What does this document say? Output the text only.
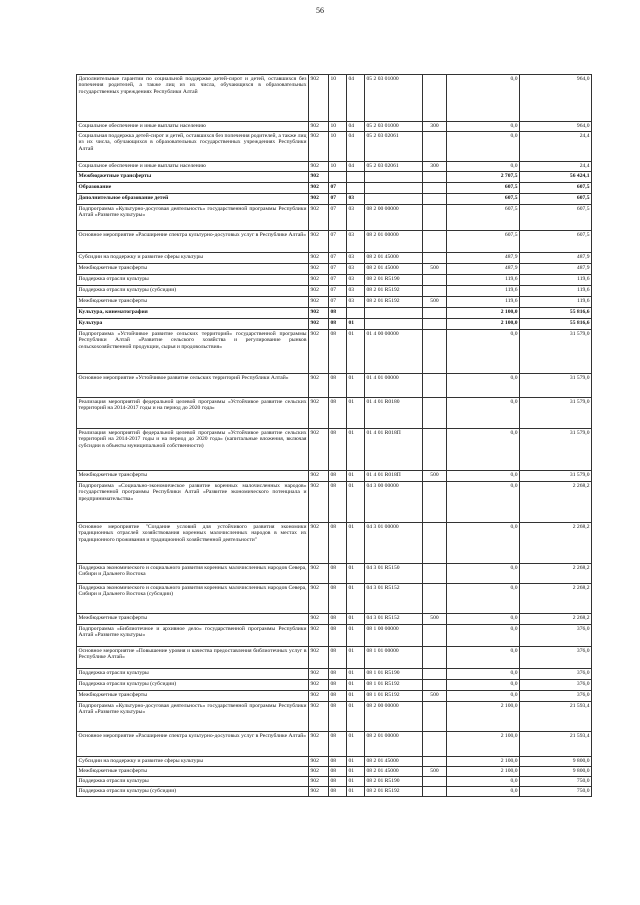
56
Дополнительные гарантии по социальной поддержке детей-сирот и детей, оставшихся без попечения родителей, а также лиц из их числа, обучающихся в образовательных государственных учреждениях Республики Алтай	902	10	04	05 2 03 01000		0,0	964,0
Социальное обеспечение и иные выплаты населению	902	10	04	05 2 03 01000	300	0,0	964,0
Социальная поддержка детей-сирот и детей, оставшихся без попечения родителей, а также лиц из их числа, обучающихся в образовательных государственных учреждениях Республики Алтай	902	10	04	05 2 03 02061		0,0	24,4
Социальное обеспечение и иные выплаты населению	902	10	04	05 2 03 02061	300	0,0	24,4
Межбюджетные трансферты	902					2 707,5	56 424,1
Образование	902	07				607,5	607,5
Дополнительное образование детей	902	07	03			607,5	607,5
Подпрограмма «Культурно-досуговая деятельность» государственной программы Республики Алтай «Развитие культуры»	902	07	03	08 2 00 00000		607,5	607,5
Основное мероприятие «Расширение спектра культурно-досуговых услуг в Республике Алтай»	902	07	03	08 2 01 00000		607,5	607,5
Субсидии на поддержку и развитие сферы культуры	902	07	03	08 2 01 45000		487,9	487,9
Межбюджетные трансферты	902	07	03	08 2 01 45000	500	487,9	487,9
Поддержка отрасли культуры	902	07	03	08 2 01 R5190		119,6	119,6
Поддержка отрасли культуры (субсидии)	902	07	03	08 2 01 R5192		119,6	119,6
Межбюджетные трансферты	902	07	03	08 2 01 R5192	500	119,6	119,6
Культура, кинематография	902	08				2 100,0	55 816,6
Культура	902	08	01			2 100,0	55 816,6
Подпрограмма «Устойчивое развитие сельских территорий» государственной программы Республики Алтай «Развитие сельского хозяйства и регулирование рынков сельскохозяйственной продукции, сырья и продовольствия»	902	08	01	01 4 00 00000		0,0	31 579,0
Основное мероприятие «Устойчивое развитие сельских территорий Республики Алтай»	902	08	01	01 4 01 00000		0,0	31 579,0
Реализация мероприятий федеральной целевой программы «Устойчивое развитие сельских территорий на 2014-2017 годы и на период до 2020 года»	902	08	01	01 4 01 R0180		0,0	31 579,0
Реализация мероприятий федеральной целевой программы «Устойчивое развитие сельских территорий на 2014-2017 годы и на период до 2020 года» (капитальные вложения, включая субсидии в объекты муниципальной собственности)	902	08	01	01 4 01 R018П		0,0	31 579,0
Межбюджетные трансферты	902	08	01	01 4 01 R018П	500	0,0	31 579,0
Подпрограмма «Социально-экономическое развитие коренных малочисленных народов» государственной программы Республики Алтай «Развитие экономического потенциала и предпринимательства»	902	08	01	04 3 00 00000		0,0	2 268,2
Основное мероприятие "Создание условий для устойчивого развития экономики традиционных отраслей хозяйствования коренных малочисленных народов в местах их традиционного проживания и традиционной хозяйственной деятельности"	902	08	01	04 3 01 00000		0,0	2 268,2
Поддержка экономического и социального развития коренных малочисленных народов Севера, Сибири и Дальнего Востока	902	08	01	04 3 01 R5150		0,0	2 268,2
Поддержка экономического и социального развития коренных малочисленных народов Севера, Сибири и Дальнего Востока (субсидии)	902	08	01	04 3 01 R5152		0,0	2 268,2
Межбюджетные трансферты	902	08	01	04 3 01 R5152	500	0,0	2 268,2
Подпрограмма «Библиотечное и архивное дело» государственной программы Республики Алтай «Развитие культуры»	902	08	01	08 1 00 00000		0,0	376,0
Основное мероприятие «Повышение уровня и качества предоставления библиотечных услуг в Республике Алтай»	902	08	01	08 1 01 00000		0,0	376,0
Поддержка отрасли культуры	902	08	01	08 1 01 R5190		0,0	376,0
Поддержка отрасли культуры (субсидии)	902	08	01	08 1 01 R5192		0,0	376,0
Межбюджетные трансферты	902	08	01	08 1 01 R5192	500	0,0	376,0
Подпрограмма «Культурно-досуговая деятельность» государственной программы Республики Алтай «Развитие культуры»	902	08	01	08 2 00 00000		2 100,0	21 593,4
Основное мероприятие «Расширение спектра культурно-досуговых услуг в Республике Алтай»	902	08	01	08 2 01 00000		2 100,0	21 593,4
Субсидии на поддержку и развитие сферы культуры	902	08	01	08 2 01 45000		2 100,0	9 800,0
Межбюджетные трансферты	902	08	01	08 2 01 45000	500	2 100,0	9 800,0
Поддержка отрасли культуры	902	08	01	08 2 01 R5190		0,0	750,0
Поддержка отрасли культуры (субсидии)	902	08	01	08 2 01 R5192		0,0	750,0
